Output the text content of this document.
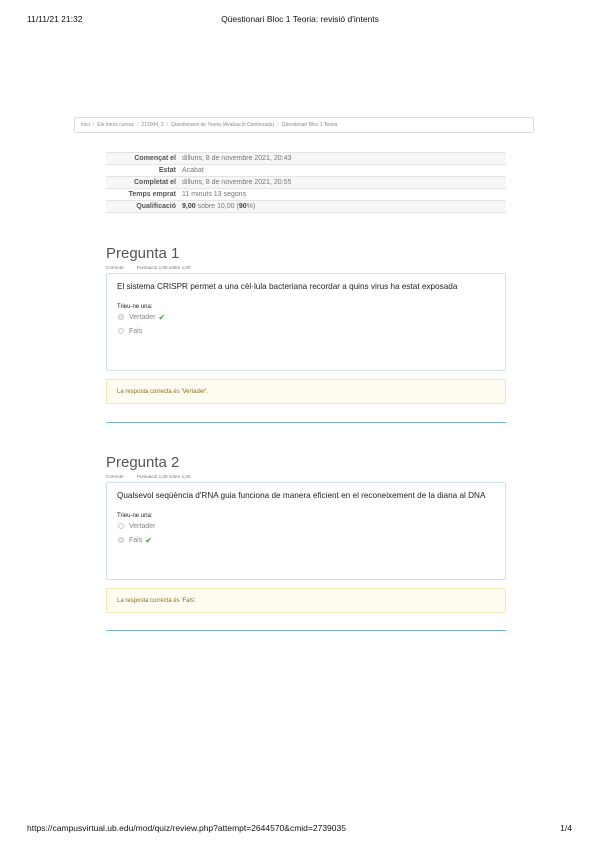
11/11/21 21:32	Qüestionari Bloc 1 Teoria: revisió d'intents
Inici / Els meus cursos / 212004_5 / Qüestionaris de Teoria (Avaluació Continuada) / Qüestionari Bloc 1 Teoria
Començat el	dilluns, 8 de novembre 2021, 20:43
Estat	Acabat
Completat el	dilluns, 8 de novembre 2021, 20:55
Temps emprat	11 minuts 13 segons
Qualificació	9,00 sobre 10,00 (90%)
Pregunta 1
Correcte	Puntuació 1,00 sobre 1,00
El sistema CRISPR permet a una cèl·lula bacteriana recordar a quins virus ha estat exposada
Trieu-ne una:
Vertader ✔
Fals
La resposta correcta és 'Vertader'.
Pregunta 2
Correcte	Puntuació 1,00 sobre 1,00
Qualsevol seqüència d'RNA guia funciona de manera eficient en el reconeixement de la diana al DNA
Trieu-ne una:
Vertader
Fals ✔
La resposta correcta és 'Fals'.
https://campusvirtual.ub.edu/mod/quiz/review.php?attempt=2644570&cmid=2739035	1/4
